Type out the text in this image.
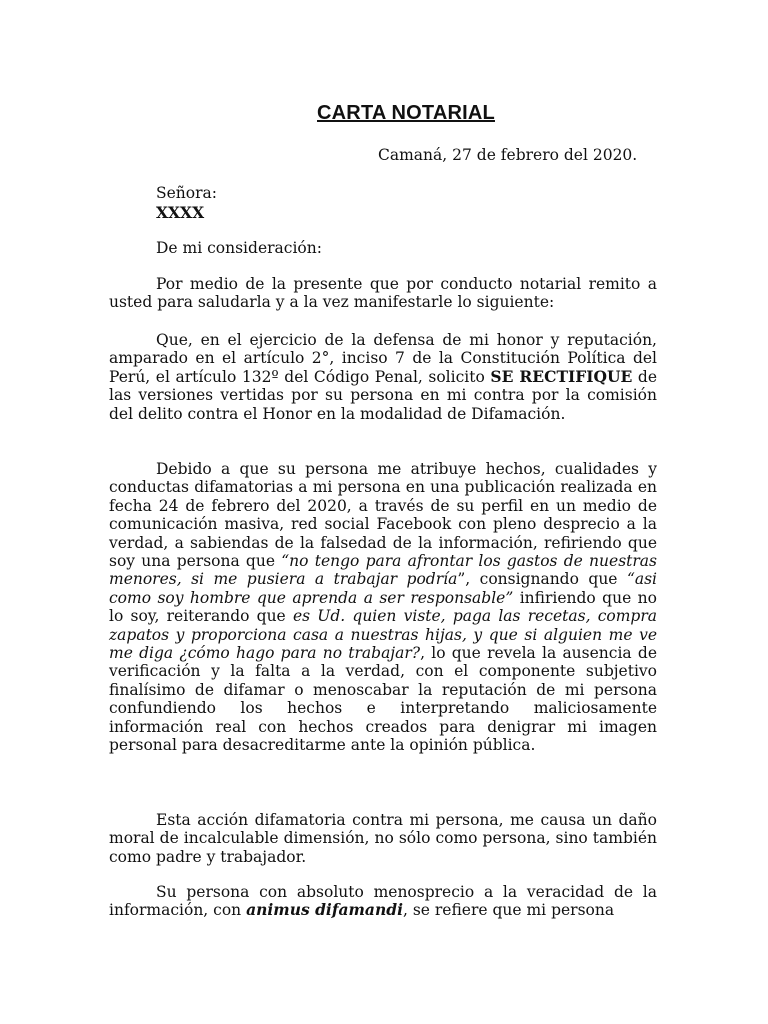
CARTA NOTARIAL
Camaná, 27 de febrero del 2020.
Señora:
XXXX
De mi consideración:
Por medio de la presente que por conducto notarial remito a usted para saludarla y a la vez manifestarle lo siguiente:
Que, en el ejercicio de la defensa de mi honor y reputación, amparado en el artículo 2°, inciso 7 de la Constitución Política del Perú, el artículo 132º del Código Penal, solicito SE RECTIFIQUE de las versiones vertidas por su persona en mi contra por la comisión del delito contra el Honor en la modalidad de Difamación.
Debido a que su persona me atribuye hechos, cualidades y conductas difamatorias a mi persona en una publicación realizada en fecha 24 de febrero del 2020, a través de su perfil en un medio de comunicación masiva, red social Facebook con pleno desprecio a la verdad, a sabiendas de la falsedad de la información, refiriendo que soy una persona que “no tengo para afrontar los gastos de nuestras menores, si me pusiera a trabajar podría”, consignando que “asi como soy hombre que aprenda a ser responsable” infiriendo que no lo soy, reiterando que es Ud. quien viste, paga las recetas, compra zapatos y proporciona casa a nuestras hijas, y que si alguien me ve me diga ¿cómo hago para no trabajar?, lo que revela la ausencia de verificación y la falta a la verdad, con el componente subjetivo finalísimo de difamar o menoscabar la reputación de mi persona confundiendo los hechos e interpretando maliciosamente información real con hechos creados para denigrar mi imagen personal para desacreditarme ante la opinión pública.
Esta acción difamatoria contra mi persona, me causa un daño moral de incalculable dimensión, no sólo como persona, sino también como padre y trabajador.
Su persona con absoluto menosprecio a la veracidad de la información, con animus difamandi, se refiere que mi persona
